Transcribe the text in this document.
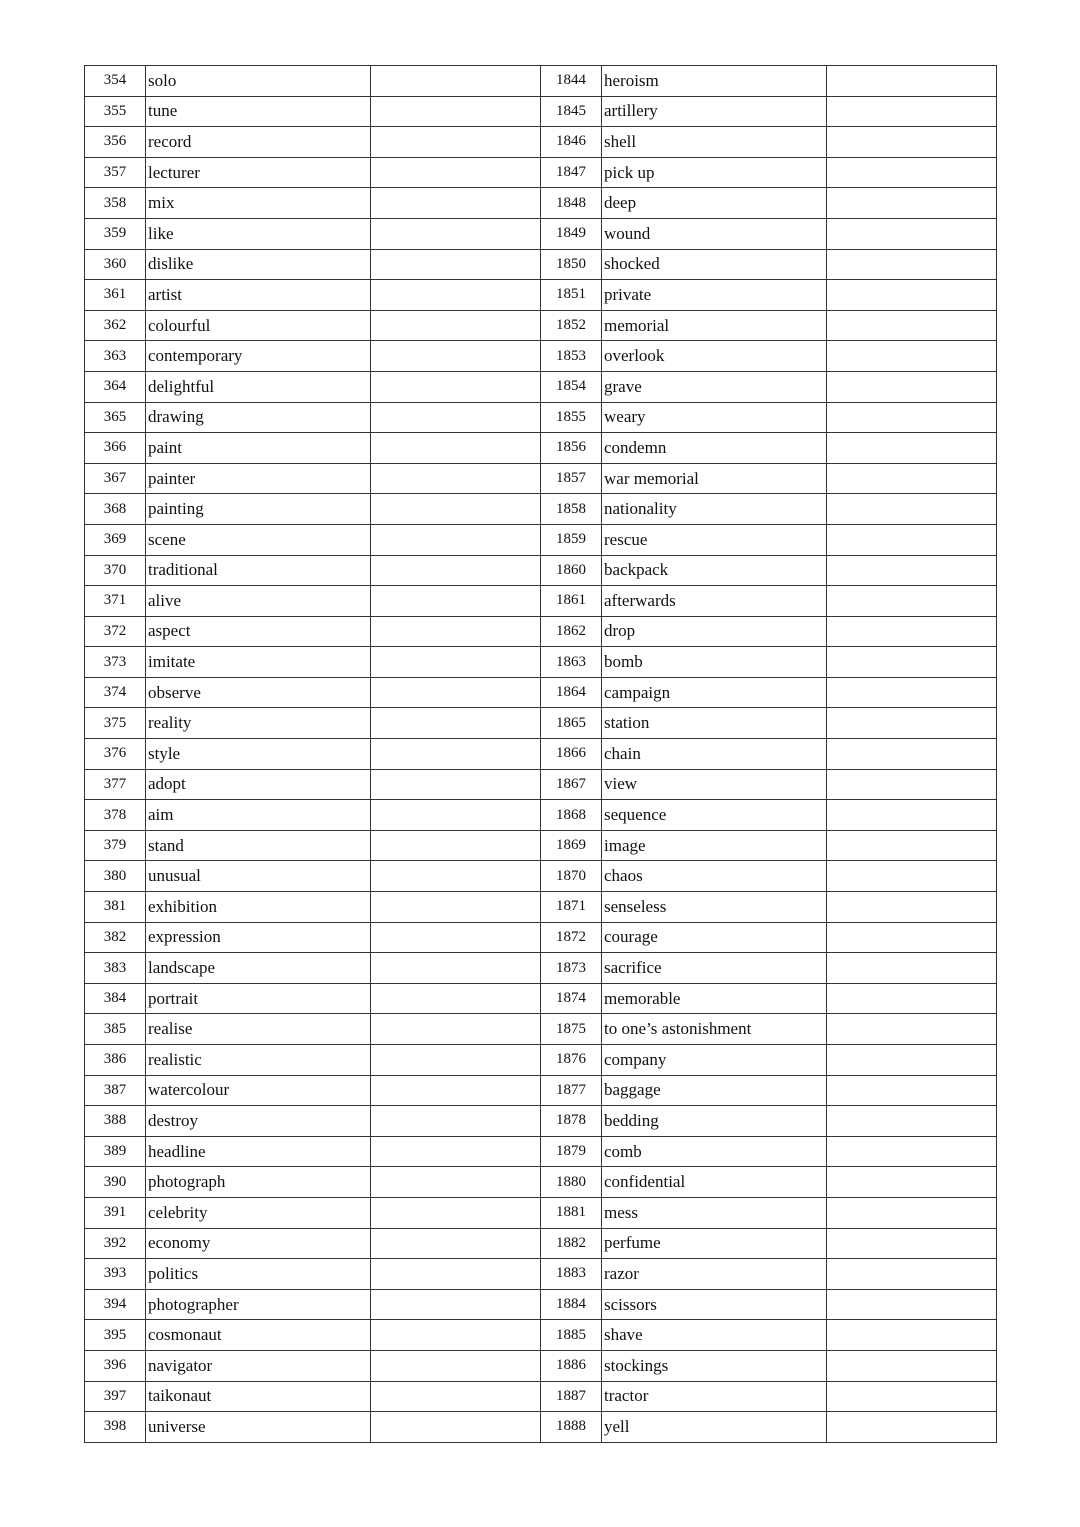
354	solo		1844	heroism	
355	tune		1845	artillery	
356	record		1846	shell	
357	lecturer		1847	pick up	
358	mix		1848	deep	
359	like		1849	wound	
360	dislike		1850	shocked	
361	artist		1851	private	
362	colourful		1852	memorial	
363	contemporary		1853	overlook	
364	delightful		1854	grave	
365	drawing		1855	weary	
366	paint		1856	condemn	
367	painter		1857	war memorial	
368	painting		1858	nationality	
369	scene		1859	rescue	
370	traditional		1860	backpack	
371	alive		1861	afterwards	
372	aspect		1862	drop	
373	imitate		1863	bomb	
374	observe		1864	campaign	
375	reality		1865	station	
376	style		1866	chain	
377	adopt		1867	view	
378	aim		1868	sequence	
379	stand		1869	image	
380	unusual		1870	chaos	
381	exhibition		1871	senseless	
382	expression		1872	courage	
383	landscape		1873	sacrifice	
384	portrait		1874	memorable	
385	realise		1875	to one’s astonishment	
386	realistic		1876	company	
387	watercolour		1877	baggage	
388	destroy		1878	bedding	
389	headline		1879	comb	
390	photograph		1880	confidential	
391	celebrity		1881	mess	
392	economy		1882	perfume	
393	politics		1883	razor	
394	photographer		1884	scissors	
395	cosmonaut		1885	shave	
396	navigator		1886	stockings	
397	taikonaut		1887	tractor	
398	universe		1888	yell	
